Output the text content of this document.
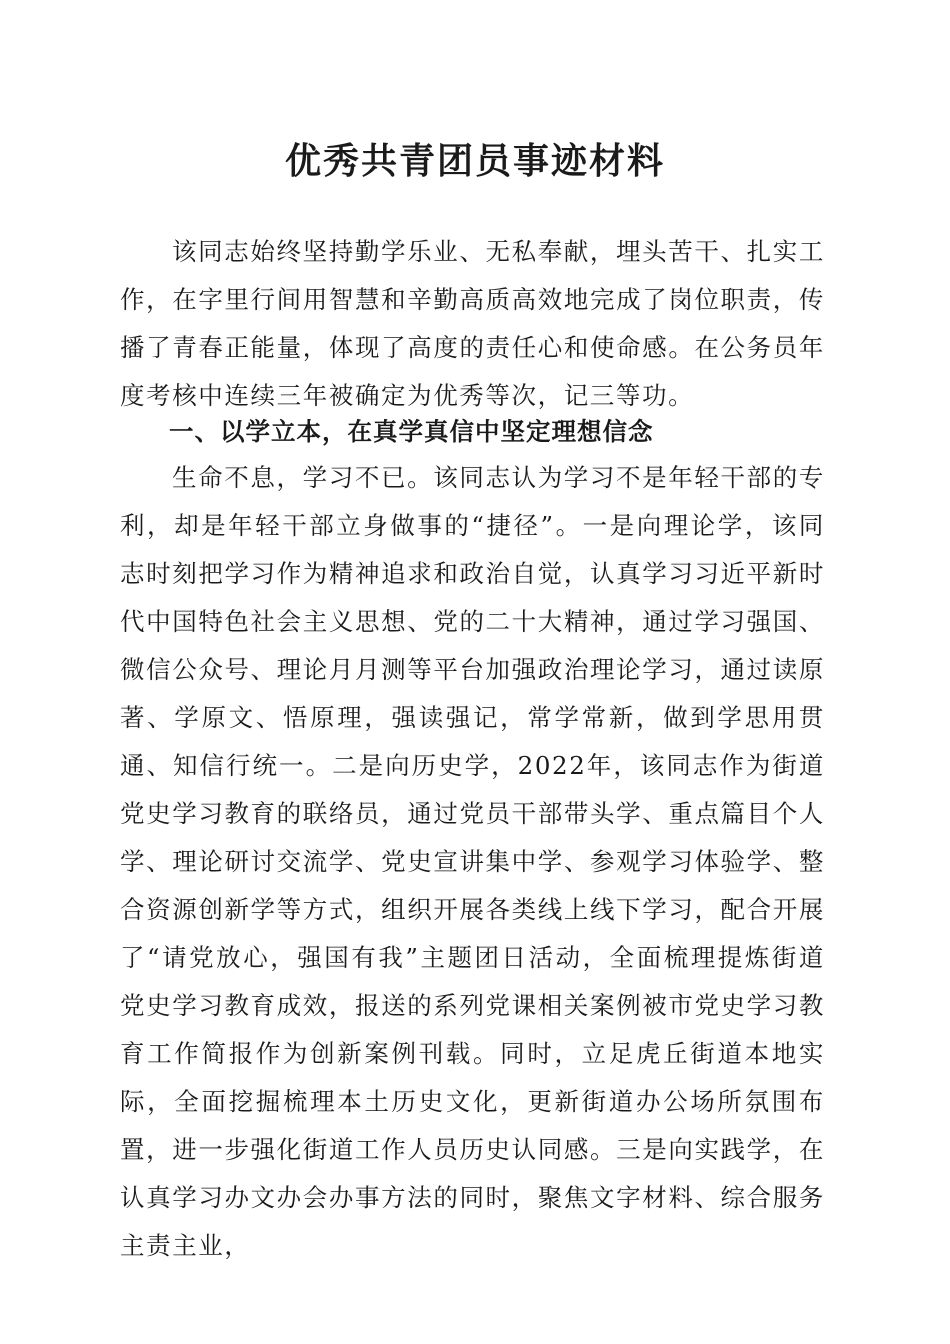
优秀共青团员事迹材料

该同志始终坚持勤学乐业、无私奉献，埋头苦干、扎实工作，在字里行间用智慧和辛勤高质高效地完成了岗位职责，传播了青春正能量，体现了高度的责任心和使命感。在公务员年度考核中连续三年被确定为优秀等次，记三等功。

一、以学立本，在真学真信中坚定理想信念

生命不息，学习不已。该同志认为学习不是年轻干部的专利，却是年轻干部立身做事的“捷径”。一是向理论学，该同志时刻把学习作为精神追求和政治自觉，认真学习习近平新时代中国特色社会主义思想、党的二十大精神，通过学习强国、微信公众号、理论月月测等平台加强政治理论学习，通过读原著、学原文、悟原理，强读强记，常学常新，做到学思用贯通、知信行统一。二是向历史学，2022年，该同志作为街道党史学习教育的联络员，通过党员干部带头学、重点篇目个人学、理论研讨交流学、党史宣讲集中学、参观学习体验学、整合资源创新学等方式，组织开展各类线上线下学习，配合开展了“请党放心，强国有我”主题团日活动，全面梳理提炼街道党史学习教育成效，报送的系列党课相关案例被市党史学习教育工作简报作为创新案例刊载。同时，立足虎丘街道本地实际，全面挖掘梳理本土历史文化，更新街道办公场所氛围布置，进一步强化街道工作人员历史认同感。三是向实践学，在认真学习办文办会办事方法的同时，聚焦文字材料、综合服务主责主业，
